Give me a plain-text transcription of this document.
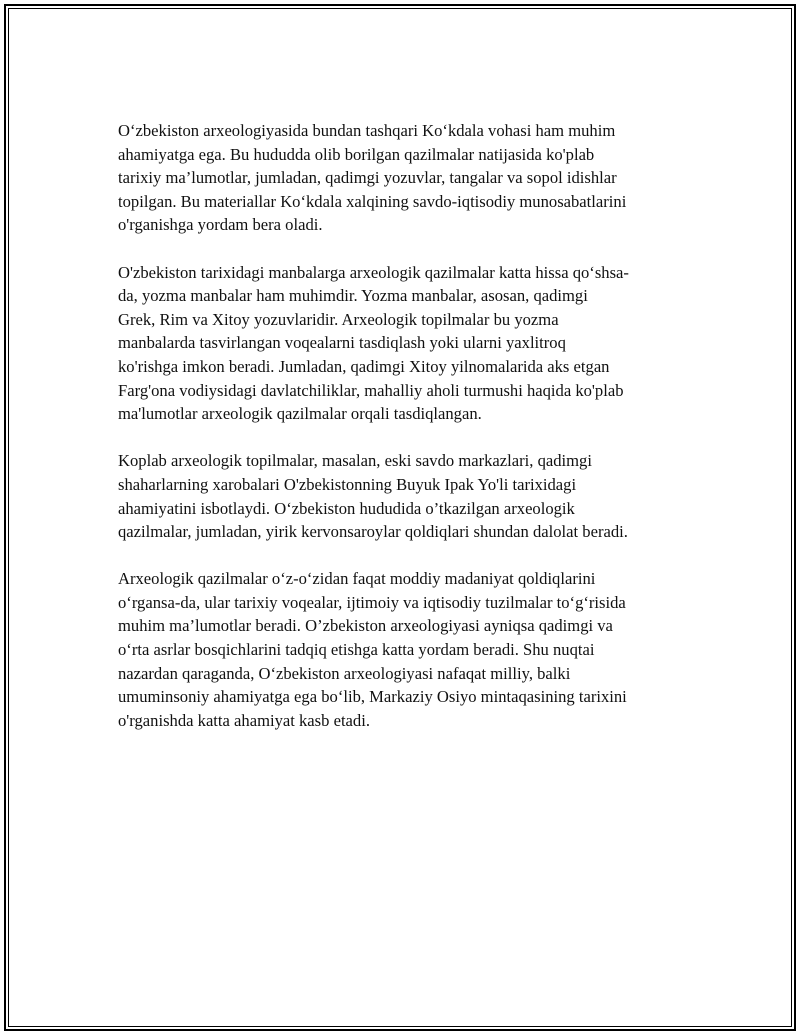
O‘zbekiston arxeologiyasida bundan tashqari Ko‘kdala vohasi ham muhim
ahamiyatga ega. Bu hududda olib borilgan qazilmalar natijasida ko'plab
tarixiy ma’lumotlar, jumladan, qadimgi yozuvlar, tangalar va sopol idishlar
topilgan. Bu materiallar Ko‘kdala xalqining savdo-iqtisodiy munosabatlarini
o'rganishga yordam bera oladi.

O'zbekiston tarixidagi manbalarga arxeologik qazilmalar katta hissa qo‘shsa-
da, yozma manbalar ham muhimdir. Yozma manbalar, asosan, qadimgi
Grek, Rim va Xitoy yozuvlaridir. Arxeologik topilmalar bu yozma
manbalarda tasvirlangan voqealarni tasdiqlash yoki ularni yaxlitroq
ko'rishga imkon beradi. Jumladan, qadimgi Xitoy yilnomalarida aks etgan
Farg'ona vodiysidagi davlatchiliklar, mahalliy aholi turmushi haqida ko'plab
ma'lumotlar arxeologik qazilmalar orqali tasdiqlangan.

Koplab arxeologik topilmalar, masalan, eski savdo markazlari, qadimgi
shaharlarning xarobalari O'zbekistonning Buyuk Ipak Yo'li tarixidagi
ahamiyatini isbotlaydi. O‘zbekiston hududida o’tkazilgan arxeologik
qazilmalar, jumladan, yirik kervonsaroylar qoldiqlari shundan dalolat beradi.

Arxeologik qazilmalar o‘z-o‘zidan faqat moddiy madaniyat qoldiqlarini
o‘rgansa-da, ular tarixiy voqealar, ijtimoiy va iqtisodiy tuzilmalar to‘g‘risida
muhim ma’lumotlar beradi. O’zbekiston arxeologiyasi ayniqsa qadimgi va
o‘rta asrlar bosqichlarini tadqiq etishga katta yordam beradi. Shu nuqtai
nazardan qaraganda, O‘zbekiston arxeologiyasi nafaqat milliy, balki
umuminsoniy ahamiyatga ega bo‘lib, Markaziy Osiyo mintaqasining tarixini
o'rganishda katta ahamiyat kasb etadi.
